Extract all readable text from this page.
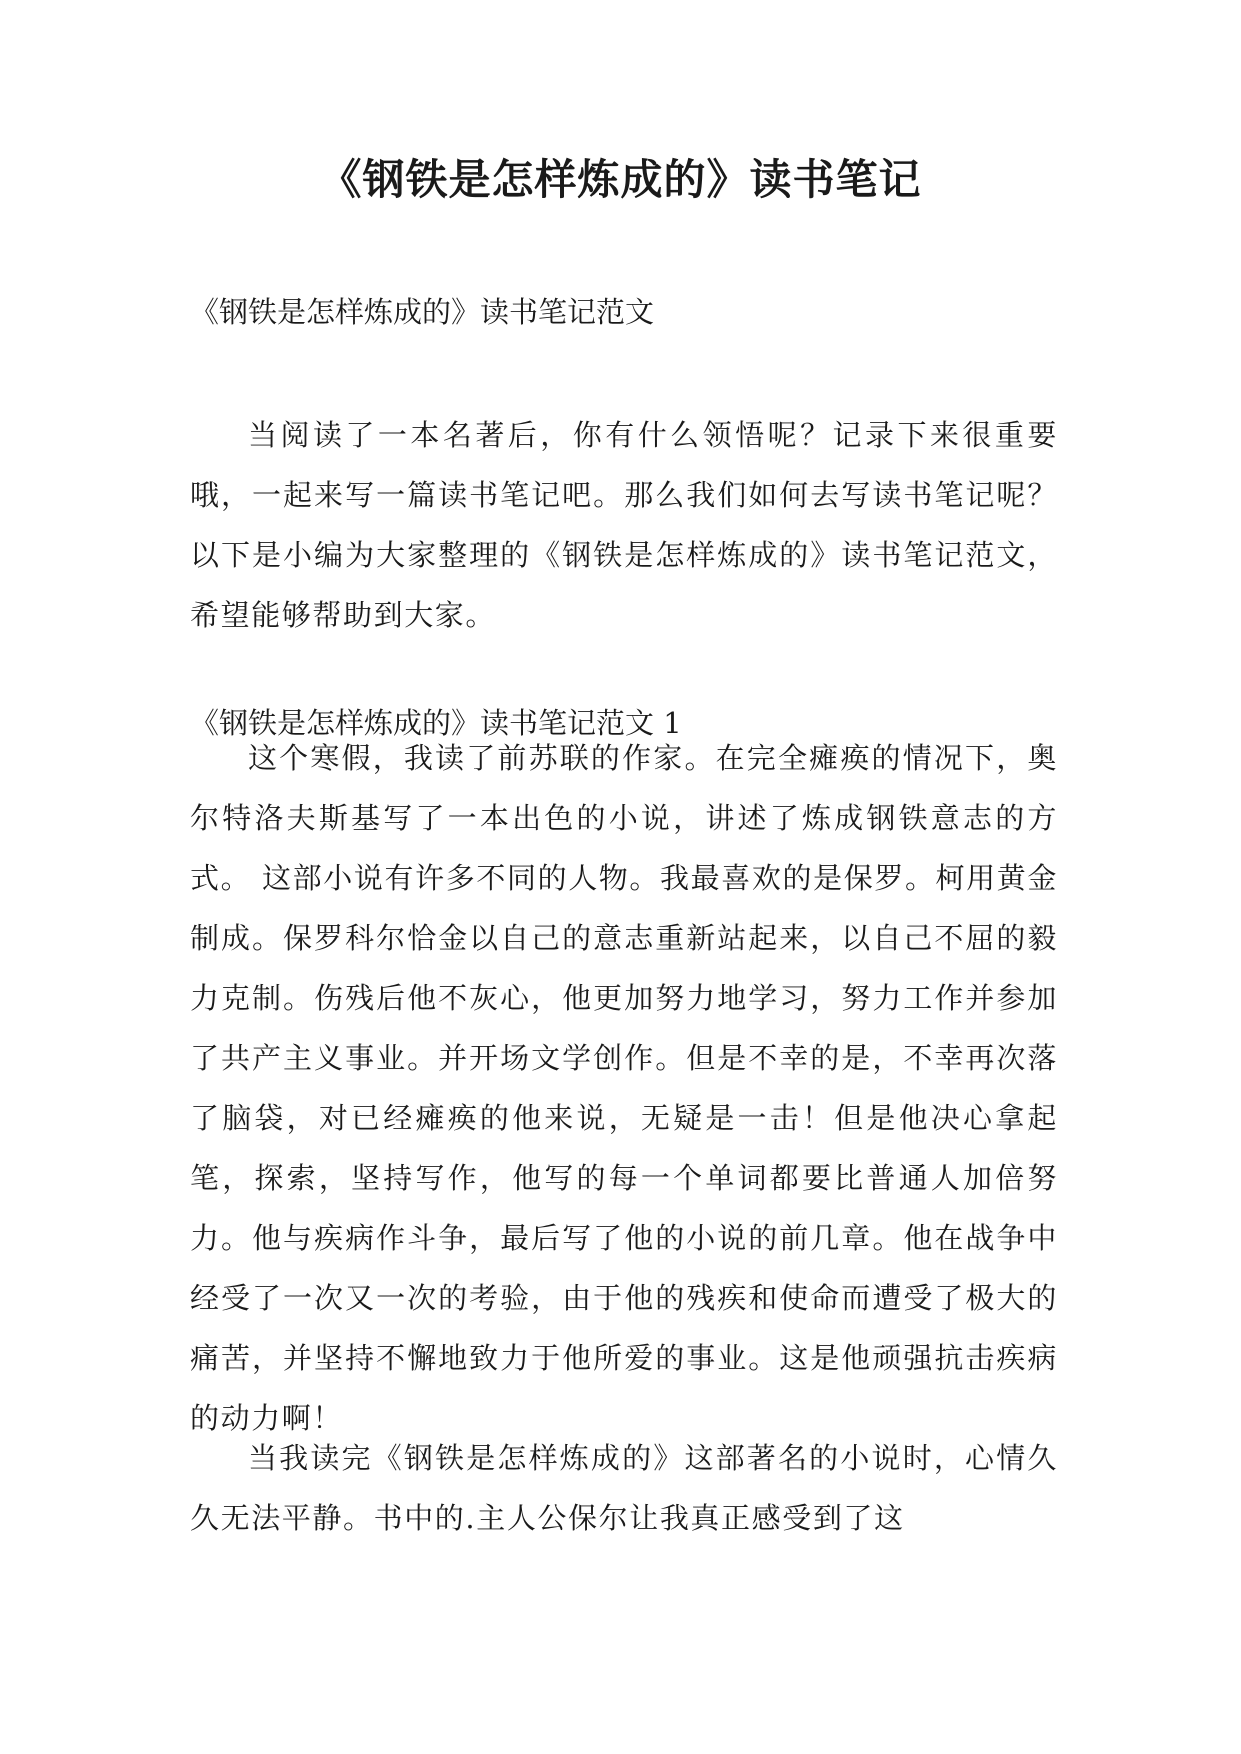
《钢铁是怎样炼成的》读书笔记

《钢铁是怎样炼成的》读书笔记范文

当阅读了一本名著后，你有什么领悟呢？记录下来很重要哦，一起来写一篇读书笔记吧。那么我们如何去写读书笔记呢？以下是小编为大家整理的《钢铁是怎样炼成的》读书笔记范文，希望能够帮助到大家。

《钢铁是怎样炼成的》读书笔记范文 1

这个寒假，我读了前苏联的作家。在完全瘫痪的情况下，奥尔特洛夫斯基写了一本出色的小说，讲述了炼成钢铁意志的方式。 这部小说有许多不同的人物。我最喜欢的是保罗。柯用黄金制成。保罗科尔恰金以自己的意志重新站起来，以自己不屈的毅力克制。伤残后他不灰心，他更加努力地学习，努力工作并参加了共产主义事业。并开场文学创作。但是不幸的是，不幸再次落了脑袋，对已经瘫痪的他来说，无疑是一击！但是他决心拿起笔，探索，坚持写作，他写的每一个单词都要比普通人加倍努力。他与疾病作斗争，最后写了他的小说的前几章。他在战争中经受了一次又一次的考验，由于他的残疾和使命而遭受了极大的痛苦，并坚持不懈地致力于他所爱的事业。这是他顽强抗击疾病的动力啊！

当我读完《钢铁是怎样炼成的》这部著名的小说时，心情久久无法平静。书中的.主人公保尔让我真正感受到了这
